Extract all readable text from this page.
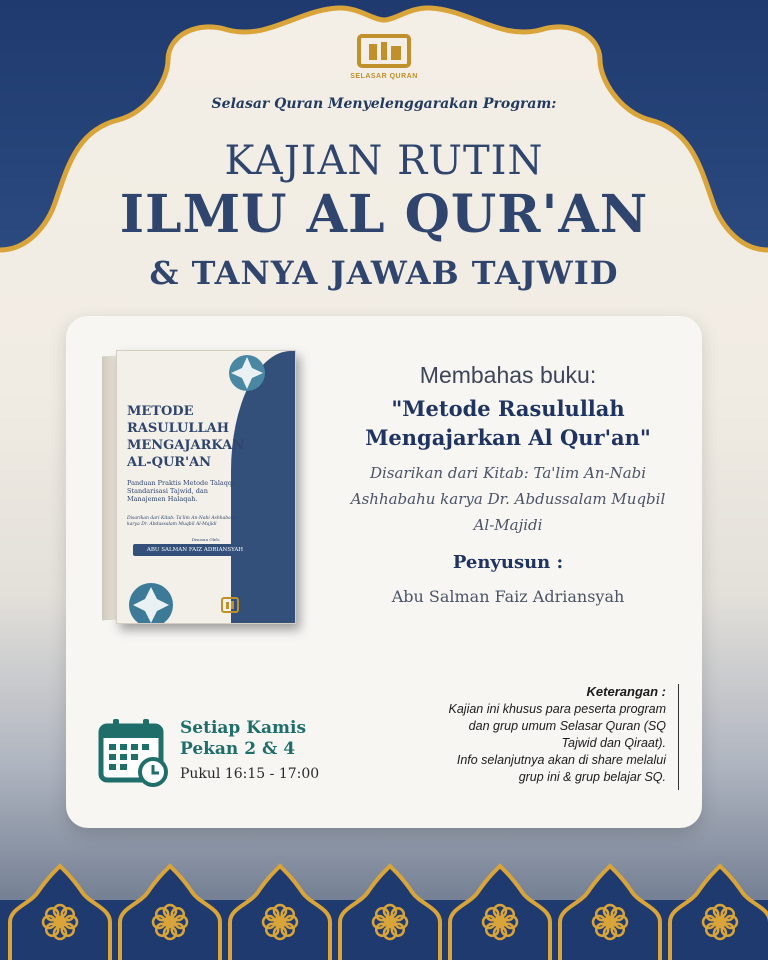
SELASAR QURAN
Selasar Quran Menyelenggarakan Program:
KAJIAN RUTIN
ILMU AL QUR'AN
& TANYA JAWAB TAJWID
METODE
RASULULLAH
MENGAJARKAN
AL-QUR'AN
Panduan Praktis Metode Talaqqi, Standarisasi Tajwid, dan Manajemen Halaqah.
Disarikan dari Kitab: Ta'lim An-Nabi Ashhabahu karya Dr. Abdussalam Muqbil Al-Majidi
Disusun Oleh:
ABU SALMAN FAIZ ADRIANSYAH
Membahas buku:
"Metode Rasulullah
Mengajarkan Al Qur'an"
Disarikan dari Kitab: Ta'lim An-Nabi
Ashhabahu karya Dr. Abdussalam Muqbil
Al-Majidi
Penyusun :
Abu Salman Faiz Adriansyah
Setiap Kamis
Pekan 2 & 4
Pukul 16:15 - 17:00
Keterangan :
Kajian ini khusus para peserta program
dan grup umum Selasar Quran (SQ
Tajwid dan Qiraat).
Info selanjutnya akan di share melalui
grup ini & grup belajar SQ.
